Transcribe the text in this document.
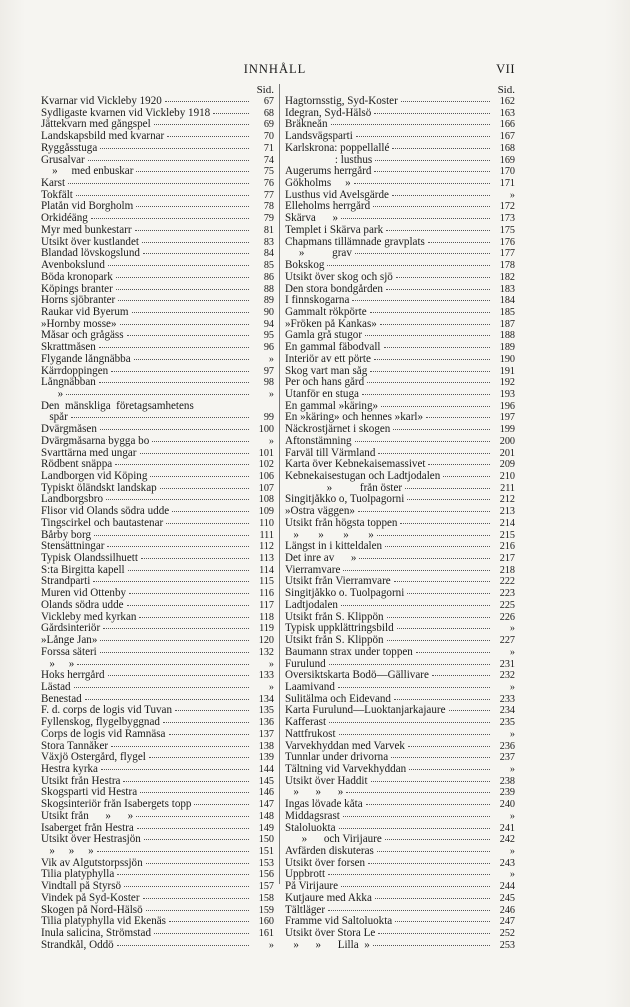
INNHÅLL	VII
Sid.
Kvarnar vid Vickleby 1920	67
Sydligaste kvarnen vid Vickleby 1918	68
Jättekvarn med gångspel	69
Landskapsbild med kvarnar	70
Ryggåsstuga	71
Grusalvar	74
»     med enbuskar	75
Karst	76
Tokfält	77
Platån vid Borgholm	78
Orkidéäng	79
Myr med bunkestarr	81
Utsikt över kustlandet	83
Blandad lövskogslund	84
Avenbokslund	85
Böda kronopark	86
Köpings branter	88
Horns sjöbranter	89
Raukar vid Byerum	90
»Hornby mosse»	94
Måsar och grågäss	95
Skrattmåsen	96
Flygande långnäbba	»
Kärrdoppingen	97
Långnäbban	98
»	»
Den  mänskliga  företagsamhetens
spår	99
Dvärgmåsen	100
Dvärgmåsarna bygga bo	»
Svarttärna med ungar	101
Rödbent snäppa	102
Landborgen vid Köping	106
Typiskt öländskt landskap	107
Landborgsbro	108
Flisor vid Ölands södra udde	109
Tingscirkel och bautastenar	110
Bårby borg	111
Stensättningar	112
Typisk Ölandssilhuett	113
S:ta Birgitta kapell	114
Strandparti	115
Muren vid Ottenby	116
Ölands södra udde	117
Vickleby med kyrkan	118
Gårdsinteriör	119
»Långe Jan»	120
Forssa säteri	132
»     »	»
Hoks herrgård	133
Lästad	»
Benestad	134
F. d. corps de logis vid Tuvan	135
Fyllenskog, flygelbyggnad	136
Corps de logis vid Ramnäsa	137
Stora Tannåker	138
Växjö Östergård, flygel	139
Hestra kyrka	144
Utsikt från Hestra	145
Skogsparti vid Hestra	146
Skogsinteriör från Isabergets topp	147
Utsikt från      »      »	148
Isaberget från Hestra	149
Utsikt över Hestrasjön	150
»     »     »	151
Vik av Algutstorpssjön	153
Tilia platyphylla	156
Vindtall på Styrsö	157
Vindek på Syd-Koster	158
Skogen på Nord-Hälsö	159
Tilia platyphylla vid Ekenäs	160
Inula salicina, Strömstad	161
Strandkål, Öddö	»
Sid.
Hagtornsstig, Syd-Koster	162
Idegran, Syd-Hälsö	163
Bräkneån	166
Landsvägsparti	167
Karlskrona: poppellallé	168
: lusthus	169
Augerums herrgård	170
Gökholms     »	171
Lusthus vid Avelsgärde	»
Elleholms herrgård	172
Skärva      »	173
Templet i Skärva park	175
Chapmans tillämnade gravplats	176
»          grav	177
Bokskog	178
Utsikt över skog och sjö	182
Den stora bondgården	183
I finnskogarna	184
Gammalt rökpörte	185
»Fröken på Kankas»	187
Gamla grå stugor	188
En gammal fäbodvall	189
Interiör av ett pörte	190
Skog vart man såg	191
Per och hans gård	192
Utanför en stuga	193
En gammal »käring»	196
En »käring» och hennes »karl»	197
Näckrostjärnet i skogen	199
Aftonstämning	200
Farväl till Värmland	201
Karta över Kebnekaisemassivet	209
Kebnekaisestugan och Ladtjodalen	210
»          från öster	211
Singitjåkko o, Tuolpagorni	212
»Östra väggen»	213
Utsikt från högsta toppen	214
»       »       »       »	215
Längst in i kitteldalen	216
Det inre av      »	217
Vierramvare	218
Utsikt från Vierramvare	222
Singitjåkko o. Tuolpagorni	223
Ladtjodalen	225
Utsikt från S. Klippön	226
Typisk uppklättringsbild	»
Utsikt från S. Klippön	227
Baumann strax under toppen	»
Furulund	231
Översiktskarta Bodö—Gällivare	232
Laamivand	»
Sulitälma och Eidevand	233
Karta Furulund—Luoktanjarkajaure	234
Kafferast	235
Nattfrukost	»
Varvekhyddan med Varvek	236
Tunnlar under drivorna	237
Tältning vid Varvekhyddan	»
Utsikt över Haddit	238
»      »      »	239
Ingas lövade kåta	240
Middagsrast	»
Staloluokta	241
»      och Virijaure	242
Avfärden diskuteras	»
Utsikt över forsen	243
Uppbrott	»
På Virijaure	244
Kutjaure med Akka	245
Tältläger	246
Framme vid Saltoluokta	247
Utsikt över Stora Le	252
»      »      Lilla  »	253
